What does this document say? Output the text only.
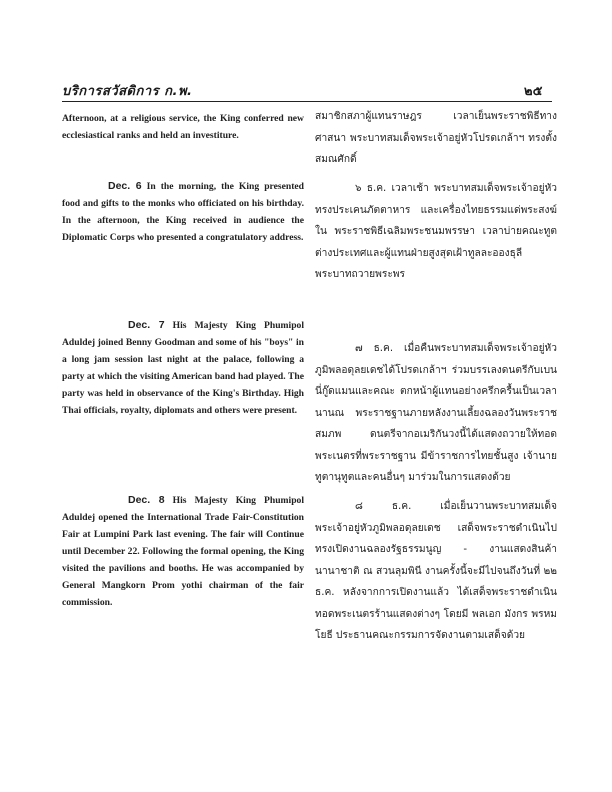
บริการสวัสดิการ ก.พ.	๒๕

Afternoon, at a religious service, the King conferred new ecclesiastical ranks and held an investiture.

Dec. 6 In the morning, the King presented food and gifts to the monks who officiated on his birthday. In the afternoon, the King received in audience the Diplomatic Corps who presented a congratulatory address.

Dec. 7 His Majesty King Phumipol Aduldej joined Benny Goodman and some of his "boys" in a long jam session last night at the palace, following a party at which the visiting American band had played. The party was held in observance of the King's Birthday. High Thai officials, royalty, diplomats and others were present.

Dec. 8 His Majesty King Phumipol Aduldej opened the International Trade Fair-Constitution Fair at Lumpini Park last evening. The fair will Continue until December 22. Following the formal opening, the King visited the pavilions and booths. He was accompanied by General Mangkorn Prom yothi chairman of the fair commission.

สมาชิกสภาผู้แทนราษฎร เวลาเย็นพระราชพิธีทางศาสนา พระบาทสมเด็จพระเจ้าอยู่หัวโปรดเกล้าฯ ทรงตั้งสมณศักดิ์

๖ ธ.ค. เวลาเช้า พระบาทสมเด็จพระเจ้าอยู่หัวทรงประเคนภัตตาหาร และเครื่องไทยธรรมแด่พระสงฆ์ใน พระราชพิธีเฉลิมพระชนมพรรษา เวลาบ่ายคณะทูตต่างประเทศและผู้แทนฝ่ายสูงสุดเฝ้าทูลละอองธุลีพระบาทถวายพระพร

๗ ธ.ค. เมื่อคืนพระบาทสมเด็จพระเจ้าอยู่หัวภูมิพลอดุลยเดชได้โปรดเกล้าฯ ร่วมบรรเลงดนตรีกับเบนนี่กู๊ดแมนและคณะ ตกหน้าผู้แทนอย่างครึกครื้นเป็นเวลานานณ พระราชฐานภายหลังงานเลี้ยงฉลองวันพระราชสมภพ ดนตรีจากอเมริกันวงนี้ได้แสดงถวายให้ทอดพระเนตรที่พระราชฐาน มีข้าราชการไทยชั้นสูง เจ้านาย ทูตานุทูตและคนอื่นๆ มาร่วมในการแสดงด้วย

๘ ธ.ค. เมื่อเย็นวานพระบาทสมเด็จพระเจ้าอยู่หัวภูมิพลอดุลยเดช เสด็จพระราชดำเนินไปทรงเปิดงานฉลองรัฐธรรมนูญ - งานแสดงสินค้านานาชาติ ณ สวนลุมพินี งานครั้งนี้จะมีไปจนถึงวันที่ ๒๒ ธ.ค. หลังจากการเปิดงานแล้ว ได้เสด็จพระราชดำเนินทอดพระเนตรร้านแสดงต่างๆ โดยมี พลเอก มังกร พรหมโยธี ประธานคณะกรรมการจัดงานตามเสด็จด้วย
